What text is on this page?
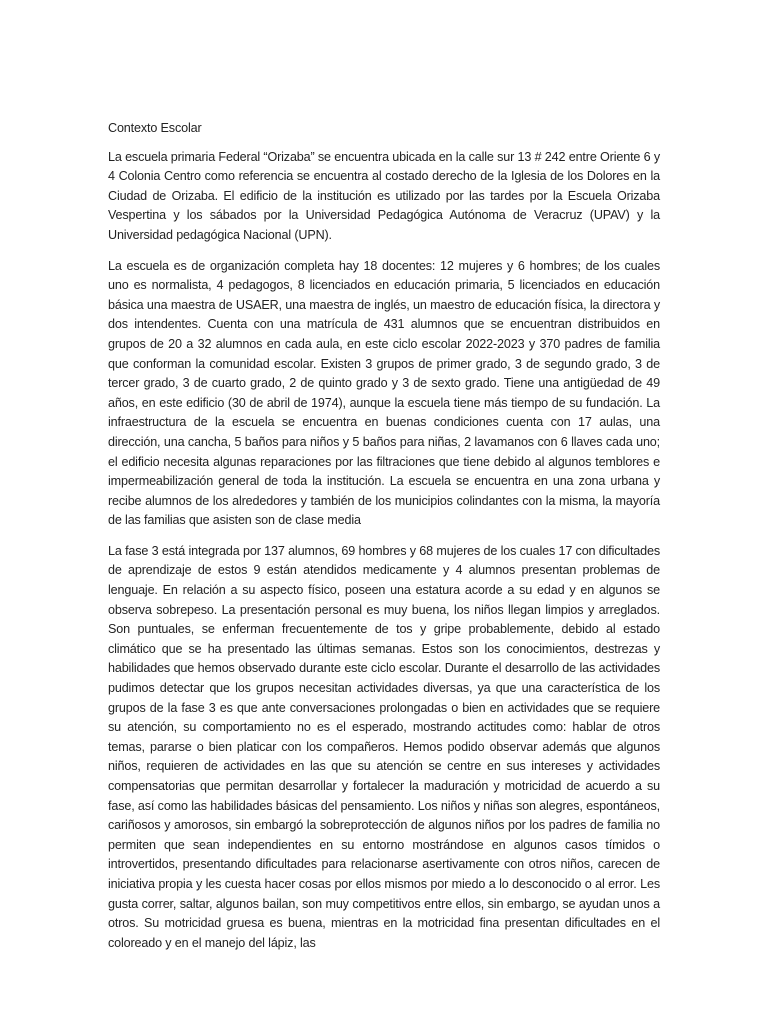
Contexto Escolar

La escuela primaria Federal “Orizaba” se encuentra ubicada en la calle sur 13 # 242 entre Oriente 6 y 4 Colonia Centro como referencia se encuentra al costado derecho de la Iglesia de los Dolores en la Ciudad de Orizaba. El edificio de la institución es utilizado por las tardes por la Escuela Orizaba Vespertina y los sábados por la Universidad Pedagógica Autónoma de Veracruz (UPAV) y la Universidad pedagógica Nacional (UPN).

La escuela es de organización completa hay 18 docentes: 12 mujeres y 6 hombres; de los cuales uno es normalista, 4 pedagogos, 8 licenciados en educación primaria, 5 licenciados en educación básica una maestra de USAER, una maestra de inglés, un maestro de educación física, la directora y dos intendentes. Cuenta con una matrícula de 431 alumnos que se encuentran distribuidos en grupos de 20 a 32 alumnos en cada aula, en este ciclo escolar 2022-2023 y 370 padres de familia que conforman la comunidad escolar. Existen 3 grupos de primer grado, 3 de segundo grado, 3 de tercer grado, 3 de cuarto grado, 2 de quinto grado y 3 de sexto grado. Tiene una antigüedad de 49 años, en este edificio (30 de abril de 1974), aunque la escuela tiene más tiempo de su fundación. La infraestructura de la escuela se encuentra en buenas condiciones cuenta con 17 aulas, una dirección, una cancha, 5 baños para niños y 5 baños para niñas, 2 lavamanos con 6 llaves cada uno; el edificio necesita algunas reparaciones por las filtraciones que tiene debido al algunos temblores e impermeabilización general de toda la institución. La escuela se encuentra en una zona urbana y recibe alumnos de los alrededores y también de los municipios colindantes con la misma, la mayoría de las familias que asisten son de clase media

La fase 3 está integrada por 137 alumnos, 69 hombres y 68 mujeres de los cuales 17 con dificultades de aprendizaje de estos 9 están atendidos medicamente y 4 alumnos presentan problemas de lenguaje. En relación a su aspecto físico, poseen una estatura acorde a su edad y en algunos se observa sobrepeso. La presentación personal es muy buena, los niños llegan limpios y arreglados. Son puntuales, se enferman frecuentemente de tos y gripe probablemente, debido al estado climático que se ha presentado las últimas semanas. Estos son los conocimientos, destrezas y habilidades que hemos observado durante este ciclo escolar. Durante el desarrollo de las actividades pudimos detectar que los grupos necesitan actividades diversas, ya que una característica de los grupos de la fase 3 es que ante conversaciones prolongadas o bien en actividades que se requiere su atención, su comportamiento no es el esperado, mostrando actitudes como: hablar de otros temas, pararse o bien platicar con los compañeros. Hemos podido observar además que algunos niños, requieren de actividades en las que su atención se centre en sus intereses y actividades compensatorias que permitan desarrollar y fortalecer la maduración y motricidad de acuerdo a su fase, así como las habilidades básicas del pensamiento. Los niños y niñas son alegres, espontáneos, cariñosos y amorosos, sin embargó la sobreprotección de algunos niños por los padres de familia no permiten que sean independientes en su entorno mostrándose en algunos casos tímidos o introvertidos, presentando dificultades para relacionarse asertivamente con otros niños, carecen de iniciativa propia y les cuesta hacer cosas por ellos mismos por miedo a lo desconocido o al error. Les gusta correr, saltar, algunos bailan, son muy competitivos entre ellos, sin embargo, se ayudan unos a otros. Su motricidad gruesa es buena, mientras en la motricidad fina presentan dificultades en el coloreado y en el manejo del lápiz, las
